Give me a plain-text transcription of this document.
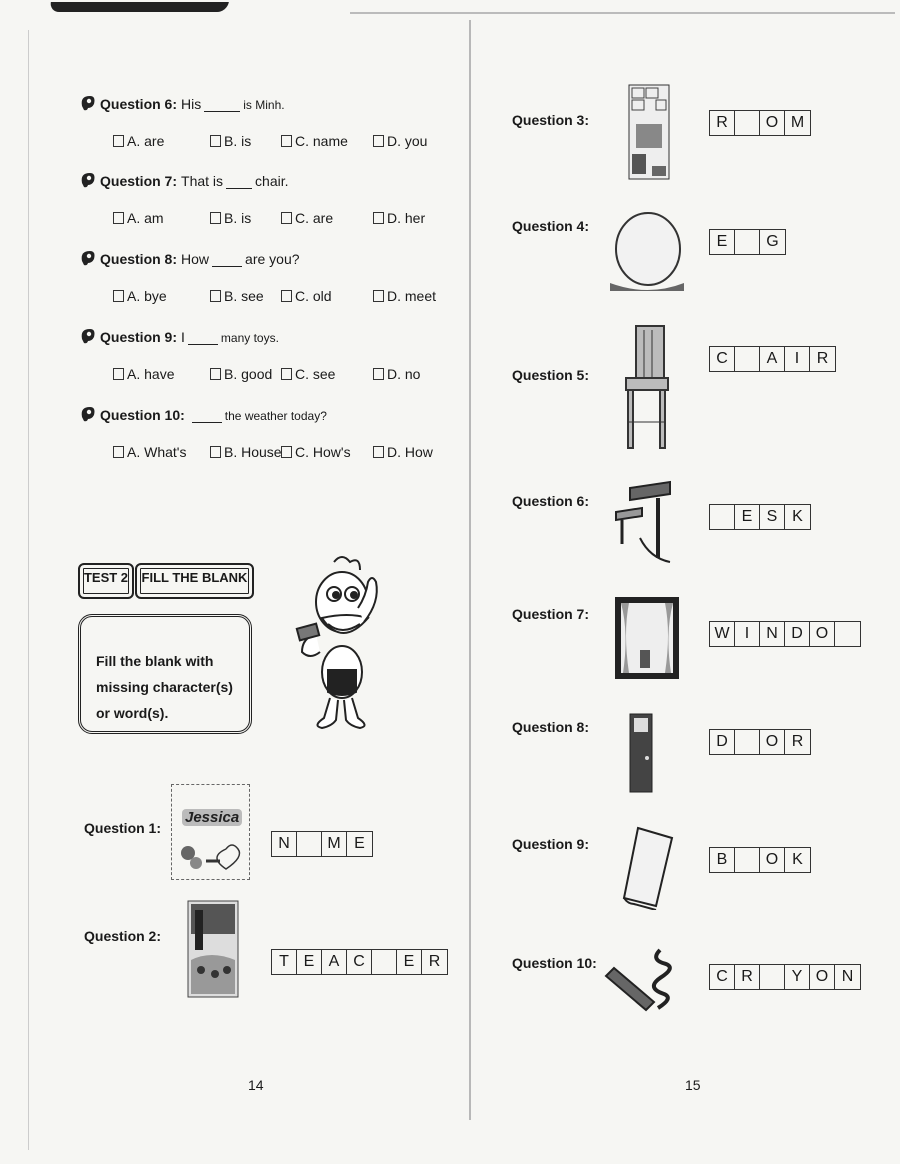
Question 6: His	is Minh.
A. are	B. is	C. name	D. you
Question 7: That is chair.
A. am	B. is	C. are	D. her
Question 8: How	are you?
A. bye	B. see	C. old	D. meet
Question 9: I	many toys.
A. have	B. good	C. see	D. no
Question 10:	the weather today?
A. What's	B. House C. How's	D. How
TEST 2	FILL THE BLANK
Fill the blank with missing character(s) or word(s).
Jessica
Question 1:
N	M E
Question 2:
T E A C	E R
14
Question 3:	R	O M
Question 4:
E	G
Question 5:
C	A	I	R
Question 6:
E S K
Question 7:
W I	N D O
Question 8:
D	O R
Question 9:
B	O K
Question 10:
C R	Y O N
15
